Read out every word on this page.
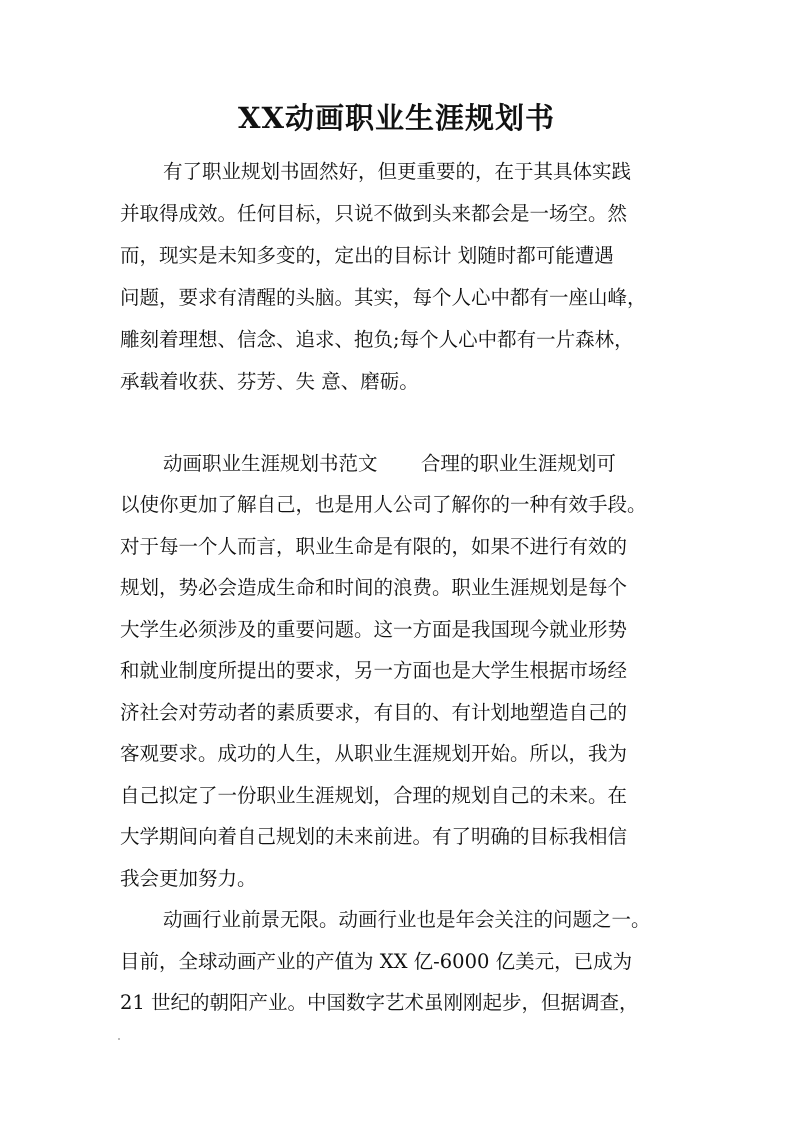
XX动画职业生涯规划书
有了职业规划书固然好，但更重要的，在于其具体实践
并取得成效。任何目标，只说不做到头来都会是一场空。然
而，现实是未知多变的，定出的目标计 划随时都可能遭遇
问题，要求有清醒的头脑。其实，每个人心中都有一座山峰，
雕刻着理想、信念、追求、抱负;每个人心中都有一片森林，
承载着收获、芬芳、失 意、磨砺。
动画职业生涯规划书范文       合理的职业生涯规划可
以使你更加了解自己，也是用人公司了解你的一种有效手段。
对于每一个人而言，职业生命是有限的，如果不进行有效的
规划，势必会造成生命和时间的浪费。职业生涯规划是每个
大学生必须涉及的重要问题。这一方面是我国现今就业形势
和就业制度所提出的要求，另一方面也是大学生根据市场经
济社会对劳动者的素质要求，有目的、有计划地塑造自己的
客观要求。成功的人生，从职业生涯规划开始。所以，我为
自己拟定了一份职业生涯规划，合理的规划自己的未来。在
大学期间向着自己规划的未来前进。有了明确的目标我相信
我会更加努力。
动画行业前景无限。动画行业也是年会关注的问题之一。
目前，全球动画产业的产值为 XX 亿-6000 亿美元，已成为
21 世纪的朝阳产业。中国数字艺术虽刚刚起步，但据调查，
